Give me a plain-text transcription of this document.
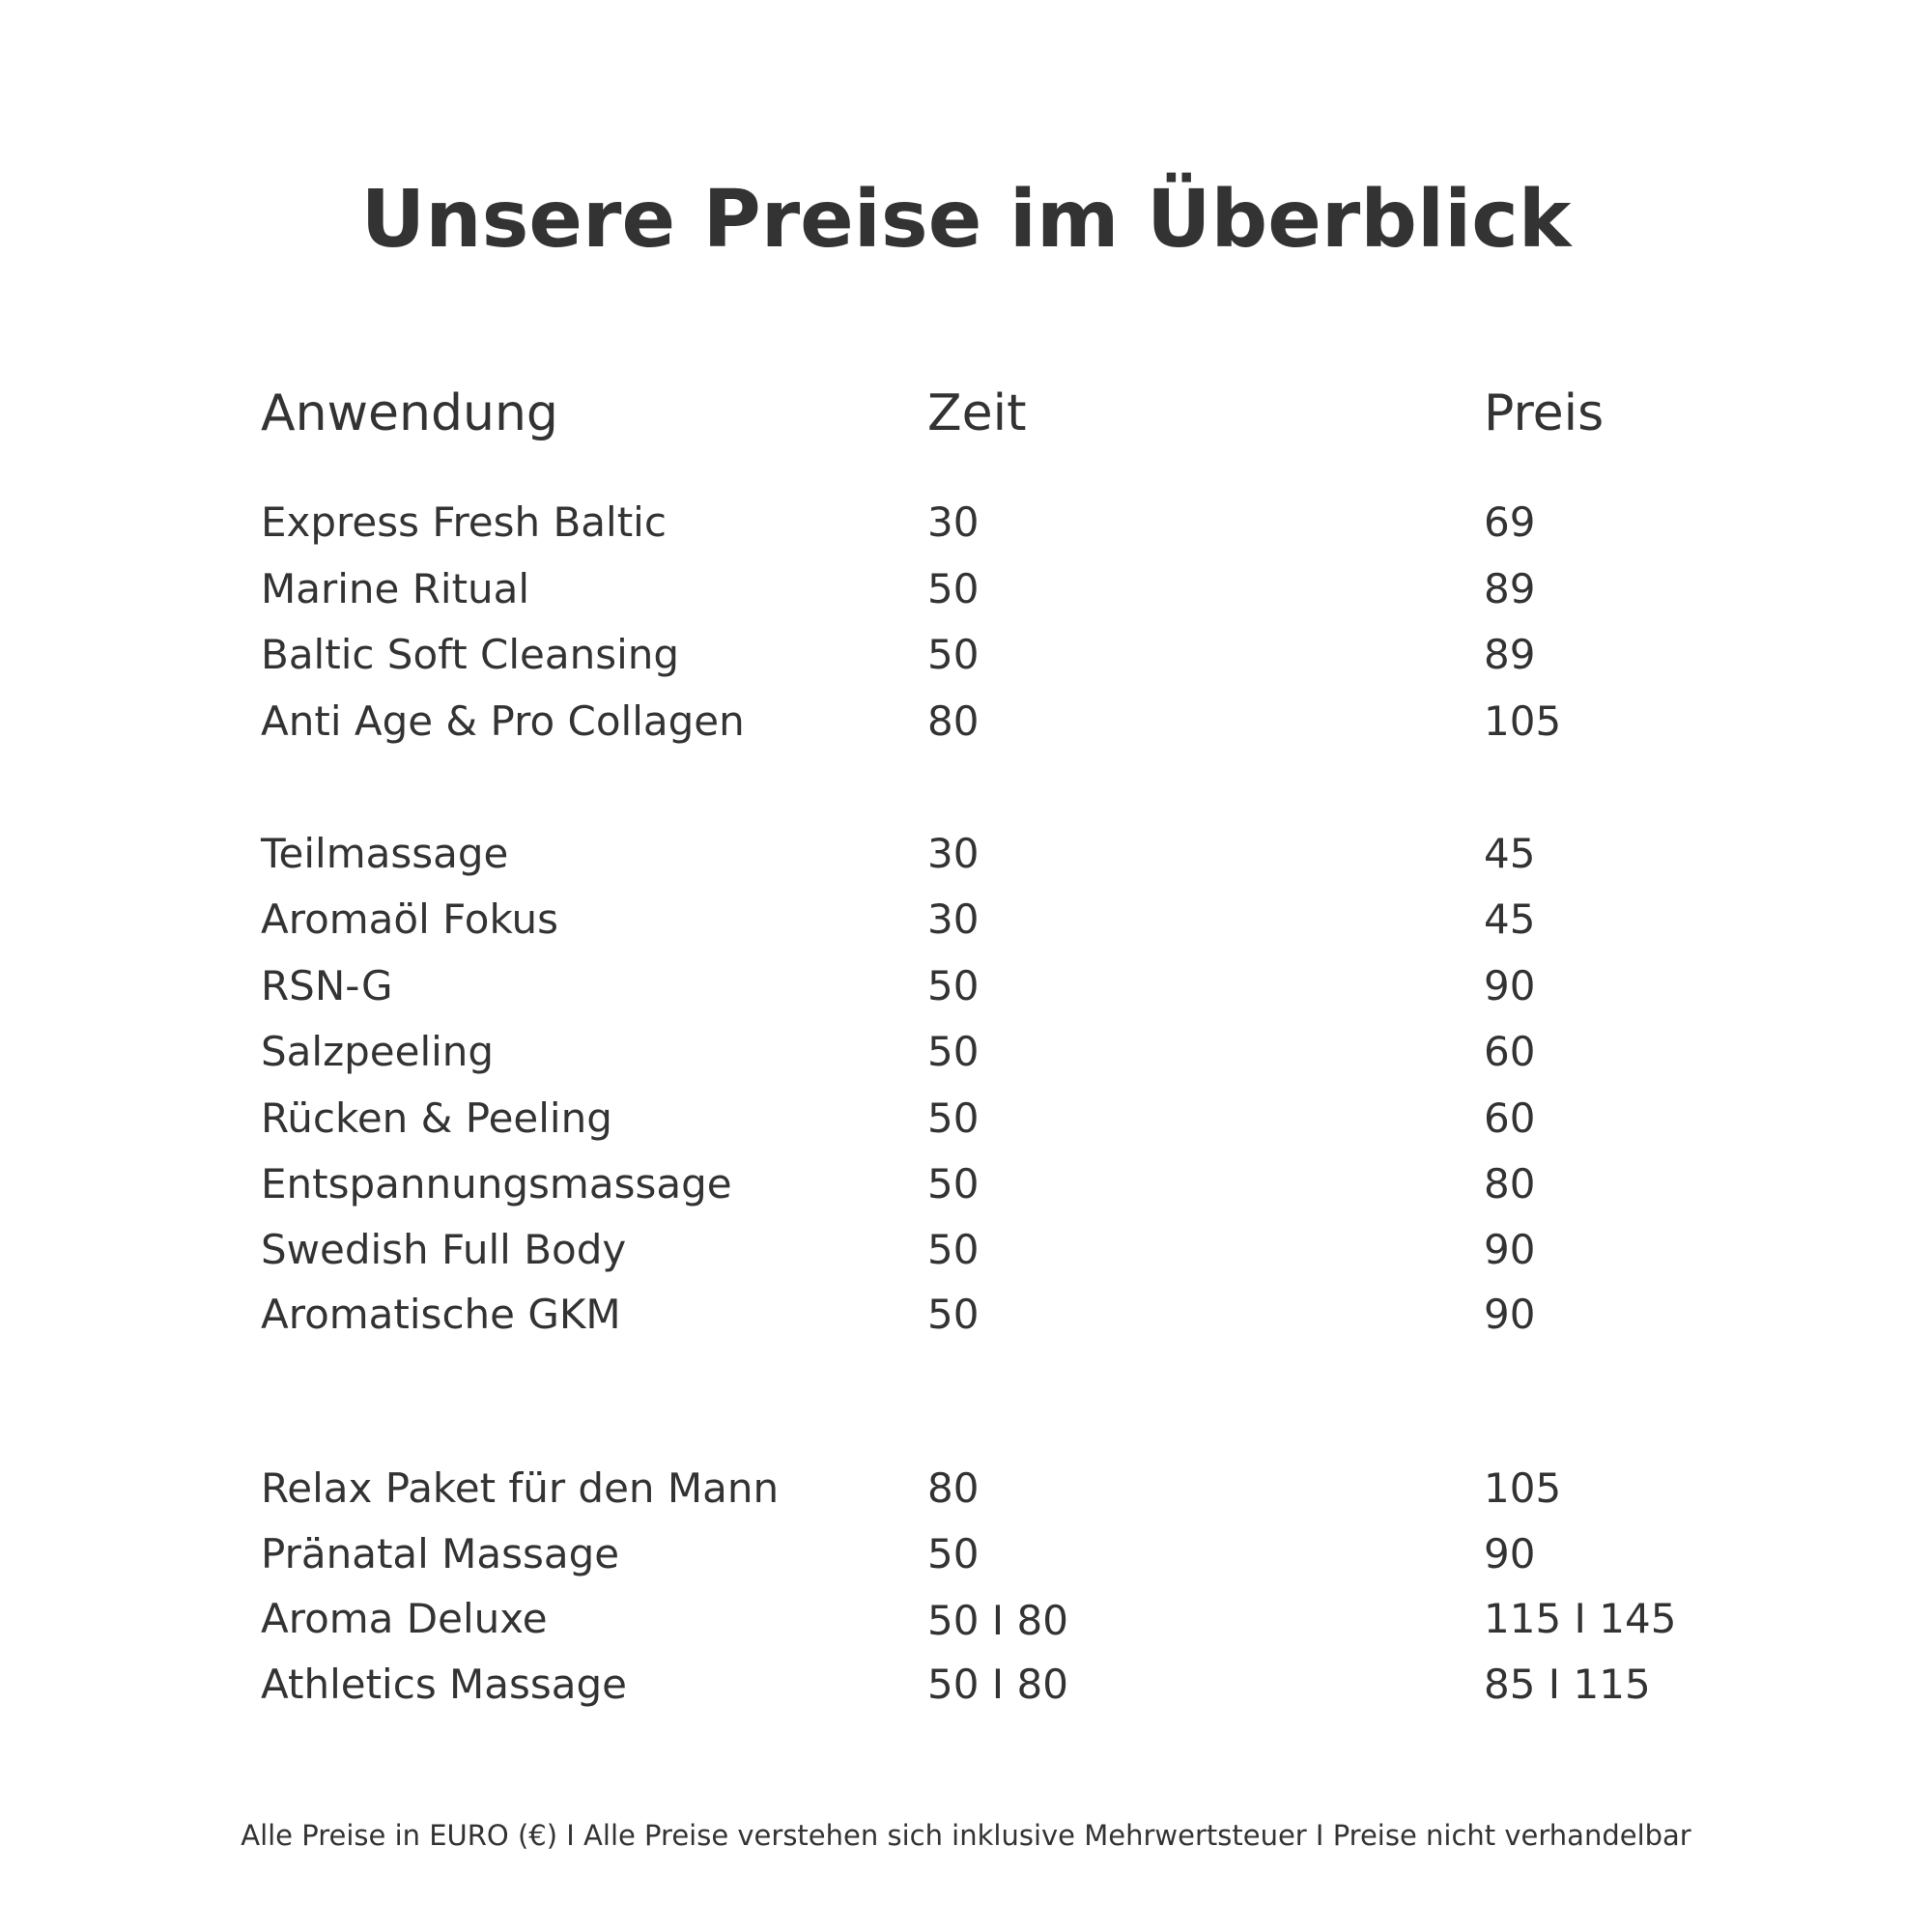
Unsere Preise im Überblick
Anwendung	Zeit	Preis
Express Fresh Baltic	30	69
Marine Ritual	50	89
Baltic Soft Cleansing	50	89
Anti Age & Pro Collagen	80	105
Teilmassage	30	45
Aromaöl Fokus	30	45
RSN-G	50	90
Salzpeeling	50	60
Rücken & Peeling	50	60
Entspannungsmassage	50	80
Swedish Full Body	50	90
Aromatische GKM	50	90
Relax Paket für den Mann	80	105
Pränatal Massage	50	90
Aroma Deluxe	50 I 80	115 I 145
Athletics Massage	50 I 80	85 I 115

Alle Preise in EURO (€) I Alle Preise verstehen sich inklusive Mehrwertsteuer I Preise nicht verhandelbar
